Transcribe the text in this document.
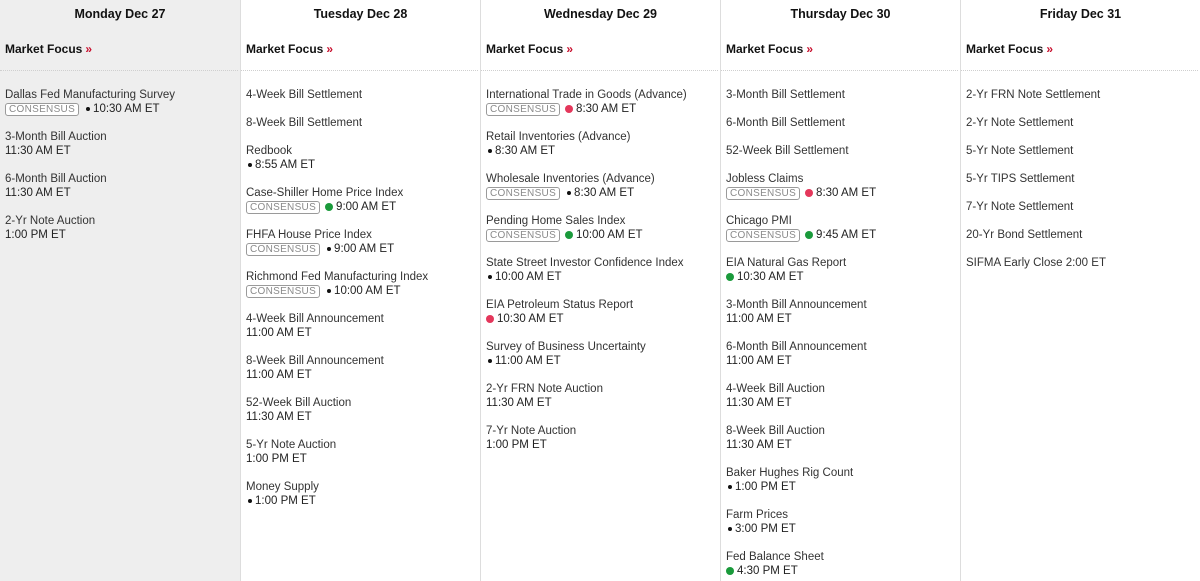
Monday Dec 27
Market Focus »
Dallas Fed Manufacturing Survey
CONSENSUS	10:30 AM ET
3-Month Bill Auction
11:30 AM ET
6-Month Bill Auction
11:30 AM ET
2-Yr Note Auction
1:00 PM ET
Tuesday Dec 28
Market Focus »
4-Week Bill Settlement
8-Week Bill Settlement
Redbook
8:55 AM ET
Case-Shiller Home Price Index
CONSENSUS	9:00 AM ET
FHFA House Price Index
CONSENSUS	9:00 AM ET
Richmond Fed Manufacturing Index
CONSENSUS	10:00 AM ET
4-Week Bill Announcement
11:00 AM ET
8-Week Bill Announcement
11:00 AM ET
52-Week Bill Auction
11:30 AM ET
5-Yr Note Auction
1:00 PM ET
Money Supply
1:00 PM ET
Wednesday Dec 29
Market Focus »
International Trade in Goods (Advance)
CONSENSUS	8:30 AM ET
Retail Inventories (Advance)
8:30 AM ET
Wholesale Inventories (Advance)
CONSENSUS	8:30 AM ET
Pending Home Sales Index
CONSENSUS	10:00 AM ET
State Street Investor Confidence Index
10:00 AM ET
EIA Petroleum Status Report
10:30 AM ET
Survey of Business Uncertainty
11:00 AM ET
2-Yr FRN Note Auction
11:30 AM ET
7-Yr Note Auction
1:00 PM ET
Thursday Dec 30
Market Focus »
3-Month Bill Settlement
6-Month Bill Settlement
52-Week Bill Settlement
Jobless Claims
CONSENSUS	8:30 AM ET
Chicago PMI
CONSENSUS	9:45 AM ET
EIA Natural Gas Report
10:30 AM ET
3-Month Bill Announcement
11:00 AM ET
6-Month Bill Announcement
11:00 AM ET
4-Week Bill Auction
11:30 AM ET
8-Week Bill Auction
11:30 AM ET
Baker Hughes Rig Count
1:00 PM ET
Farm Prices
3:00 PM ET
Fed Balance Sheet
4:30 PM ET
Friday Dec 31
Market Focus »
2-Yr FRN Note Settlement
2-Yr Note Settlement
5-Yr Note Settlement
5-Yr TIPS Settlement
7-Yr Note Settlement
20-Yr Bond Settlement
SIFMA Early Close 2:00 ET
